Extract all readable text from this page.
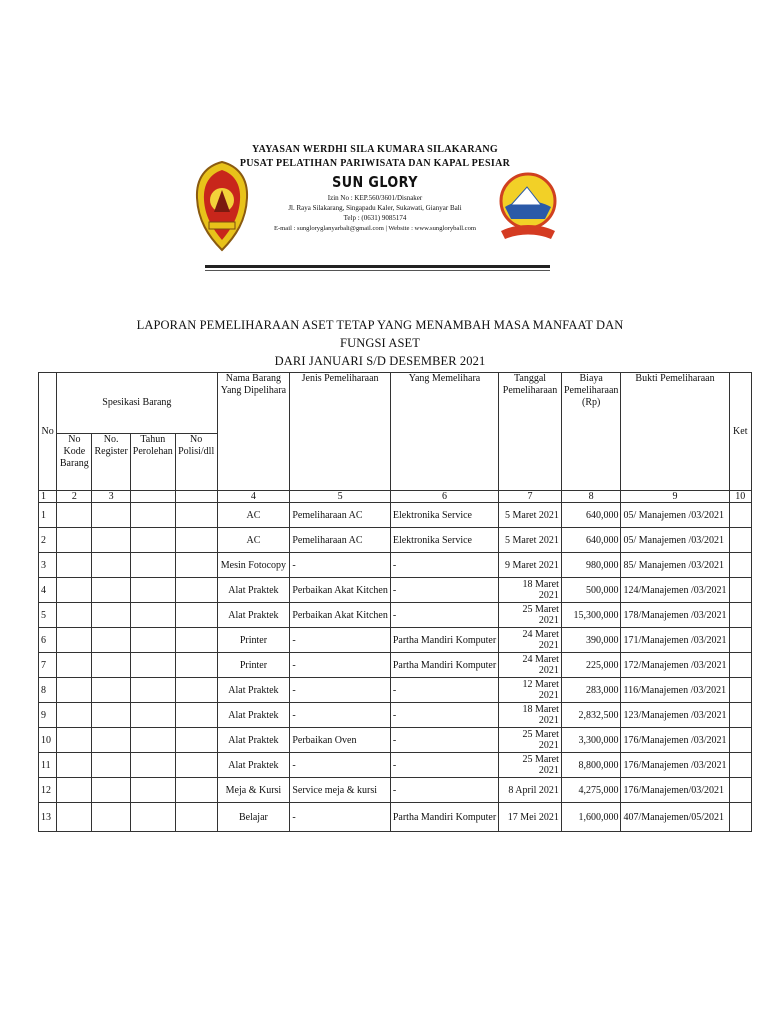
YAYASAN WERDHI SILA KUMARA SILAKARANG
PUSAT PELATIHAN PARIWISATA DAN KAPAL PESIAR
SUN GLORY
Izin No : KEP.560/3601/Disnaker
Jl. Raya Silakarang, Singapadu Kaler, Sukawati, Gianyar Bali
Telp : (0631) 9085174
E-mail : sungloryglanyarbali@gmail.com | Website : www.sungloryball.com
LAPORAN PEMELIHARAAN ASET TETAP YANG MENAMBAH MASA MANFAAT DAN FUNGSI ASET
DARI JANUARI S/D DESEMBER 2021
No	Spesikasi Barang				Nama Barang Yang Dipelihara	Jenis Pemeliharaan	Yang Memelihara	Tanggal Pemeliharaan	Biaya Pemeliharaan (Rp)	Bukti Pemeliharaan	Ket
	No Kode Barang	No. Register	Tahun Perolehan	No Polisi/dll							
1	2	3			4	5	6	7	8	9	10
1					AC	Pemeliharaan AC	Elektronika Service	5 Maret 2021	640,000	05/ Manajemen /03/2021	
2					AC	Pemeliharaan AC	Elektronika Service	5 Maret 2021	640,000	05/ Manajemen /03/2021	
3					Mesin Fotocopy	-	-	9 Maret 2021	980,000	85/ Manajemen /03/2021	
4					Alat Praktek	Perbaikan Akat Kitchen	-	18 Maret 2021	500,000	124/Manajemen /03/2021	
5					Alat Praktek	Perbaikan Akat Kitchen	-	25 Maret 2021	15,300,000	178/Manajemen /03/2021	
6					Printer	-	Partha Mandiri Komputer	24 Maret 2021	390,000	171/Manajemen /03/2021	
7					Printer	-	Partha Mandiri Komputer	24 Maret 2021	225,000	172/Manajemen /03/2021	
8					Alat Praktek	-	-	12 Maret 2021	283,000	116/Manajemen /03/2021	
9					Alat Praktek	-	-	18 Maret 2021	2,832,500	123/Manajemen /03/2021	
10					Alat Praktek	Perbaikan Oven	-	25 Maret 2021	3,300,000	176/Manajemen /03/2021	
11					Alat Praktek	-	-	25 Maret 2021	8,800,000	176/Manajemen /03/2021	
12					Meja & Kursi	Service meja & kursi	-	8 April 2021	4,275,000	176/Manajemen/03/2021	
13					Belajar	-	Partha Mandiri Komputer	17 Mei 2021	1,600,000	407/Manajemen/05/2021	
